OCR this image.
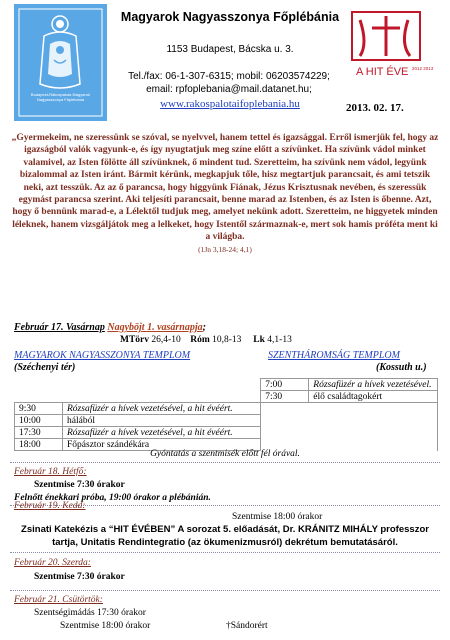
Budapest-Rákospalota Magyarok Nagyasszonya Főplébánia
A HIT ÉVE 2012 2013
Magyarok Nagyasszonya Főplébánia
1153 Budapest, Bácska u. 3.
Tel./fax: 06-1-307-6315; mobil: 06203574229;
email: rpfoplebania@mail.datanet.hu;
www.rakospalotaifoplebania.hu	2013. 02. 17.
„Gyermekeim, ne szeressünk se szóval, se nyelvvel, hanem tettel és igazsággal. Erről ismerjük fel, hogy az igazságból valók vagyunk-e, és így nyugtatjuk meg színe előtt a szívünket. Ha szívünk vádol minket valamivel, az Isten fölötte áll szívünknek, ő mindent tud. Szeretteim, ha szívünk nem vádol, legyünk bizalommal az Isten iránt. Bármit kérünk, megkapjuk tőle, hisz megtartjuk parancsait, és ami tetszik neki, azt tesszük. Az az ő parancsa, hogy higgyünk Fiának, Jézus Krisztusnak nevében, és szeressük egymást parancsa szerint. Aki teljesíti parancsait, benne marad az Istenben, és az Isten is őbenne. Azt, hogy ő bennünk marad-e, a Lélektől tudjuk meg, amelyet nekünk adott. Szeretteim, ne higgyetek minden léleknek, hanem vizsgáljátok meg a lelkeket, hogy Istentől származnak-e, mert sok hamis próféta ment ki a világba.
(1Jn 3,18-24; 4,1)
Február 17. Vasárnap Nagyböjt 1. vasárnapja;
MTörv 26,4-10 Róm 10,8-13 Lk 4,1-13
MAGYAROK NAGYASSZONYA TEMPLOM	SZENTHÁROMSÁG TEMPLOM
(Széchenyi tér)	(Kossuth u.)
		7:00	Rózsafüzér a hívek vezetésével.
		7:30	élő családtagokért
9:30	Rózsafüzér a hívek vezetésével, a hit évéért.		
10:00	hálából		
17:30	Rózsafüzér a hívek vezetésével, a hit évéért.		
18:00	Főpásztor szándékára		
Gyóntatás a szentmisék előtt fél órával.
Február 18. Hétfő:
Szentmise 7:30 órakor
Felnőtt énekkari próba, 19:00 órakor a plébánián.
Február 19. Kedd:
Szentmise 18:00 órakor
Zsinati Katekézis a “HIT ÉVÉBEN” A sorozat 5. előadását, Dr. KRÁNITZ MIHÁLY professzor tartja, Unitatis Rendintegratio (az ökumenizmusról) dekrétum bemutatásáról.
Február 20. Szerda:
Szentmise 7:30 órakor
Február 21. Csütörtök:
Szentségimádás 17:30 órakor
Szentmise 18:00 órakor	†Sándorért
